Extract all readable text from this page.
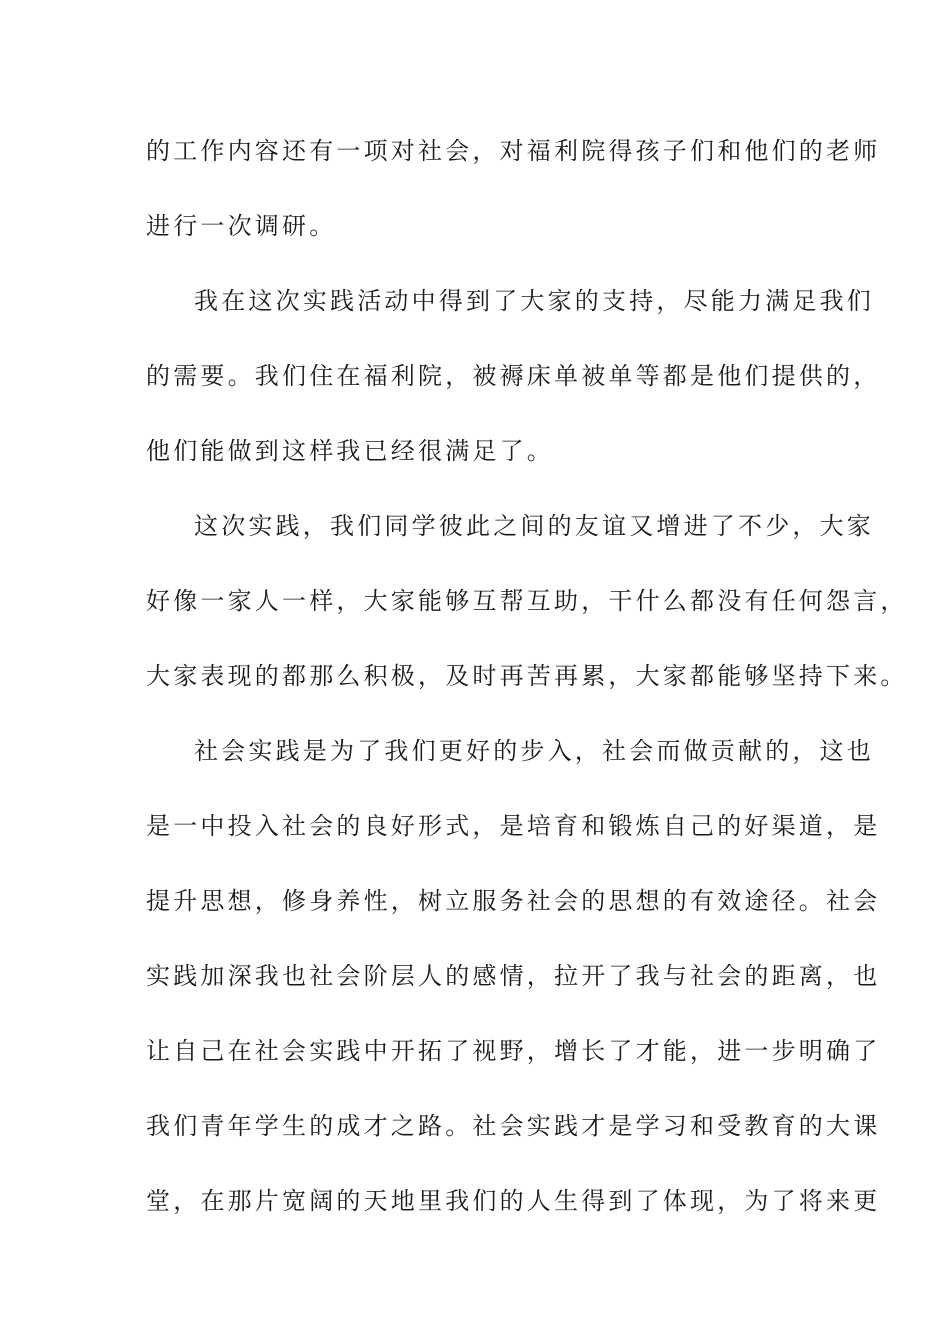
的工作内容还有一项对社会，对福利院得孩子们和他们的老师
进行一次调研。
我在这次实践活动中得到了大家的支持，尽能力满足我们
的需要。我们住在福利院，被褥床单被单等都是他们提供的，
他们能做到这样我已经很满足了。
这次实践，我们同学彼此之间的友谊又增进了不少，大家
好像一家人一样，大家能够互帮互助，干什么都没有任何怨言，
大家表现的都那么积极，及时再苦再累，大家都能够坚持下来。
社会实践是为了我们更好的步入，社会而做贡献的，这也
是一中投入社会的良好形式，是培育和锻炼自己的好渠道，是
提升思想，修身养性，树立服务社会的思想的有效途径。社会
实践加深我也社会阶层人的感情，拉开了我与社会的距离，也
让自己在社会实践中开拓了视野，增长了才能，进一步明确了
我们青年学生的成才之路。社会实践才是学习和受教育的大课
堂，在那片宽阔的天地里我们的人生得到了体现，为了将来更
